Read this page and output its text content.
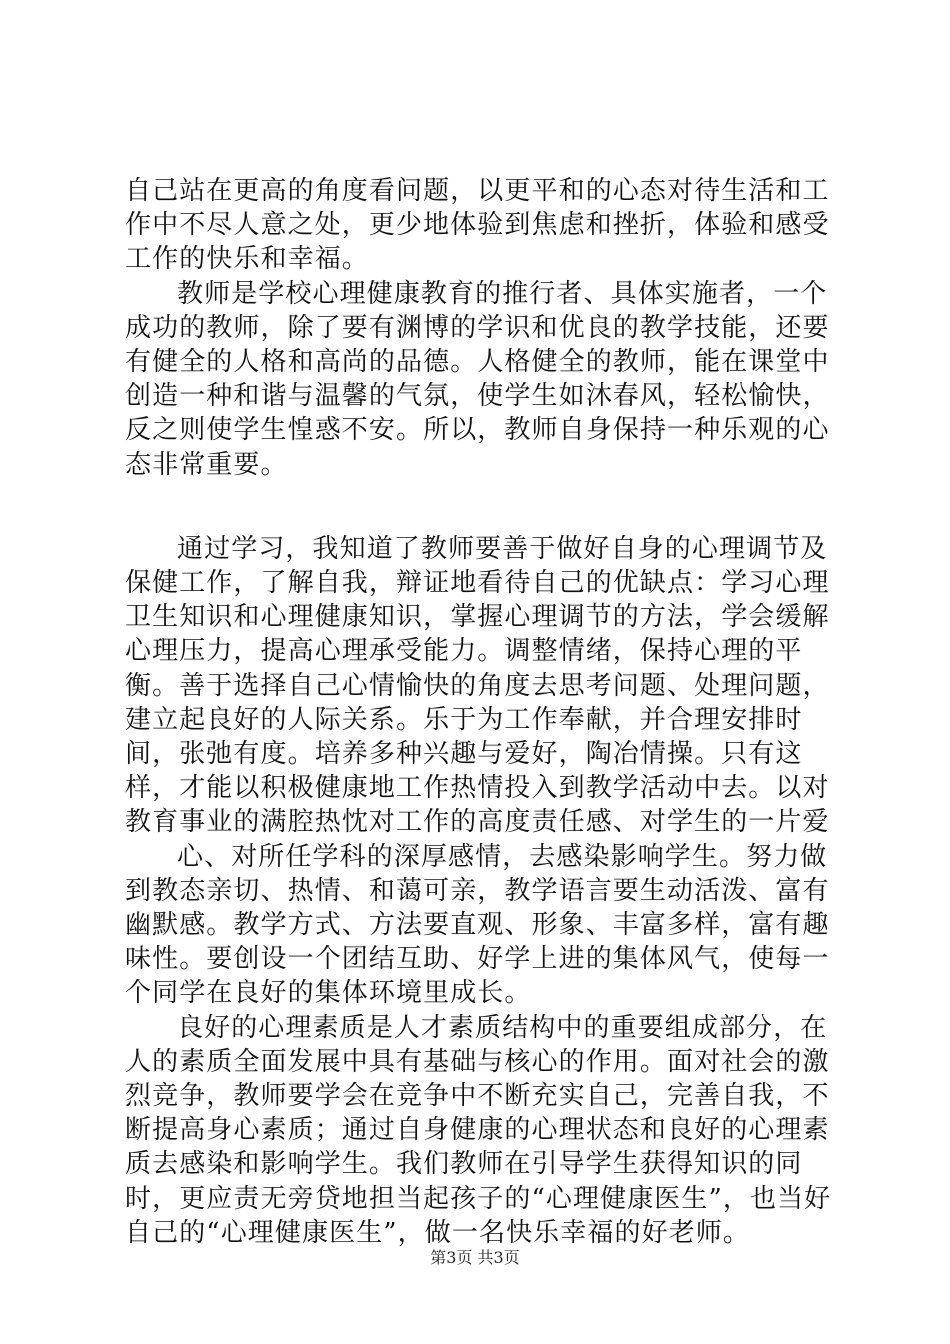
自己站在更高的角度看问题，以更平和的心态对待生活和工作中不尽人意之处，更少地体验到焦虑和挫折，体验和感受工作的快乐和幸福。

教师是学校心理健康教育的推行者、具体实施者，一个成功的教师，除了要有渊博的学识和优良的教学技能，还要有健全的人格和高尚的品德。人格健全的教师，能在课堂中创造一种和谐与温馨的气氛，使学生如沐春风，轻松愉快，反之则使学生惶惑不安。所以，教师自身保持一种乐观的心态非常重要。

通过学习，我知道了教师要善于做好自身的心理调节及保健工作，了解自我，辩证地看待自己的优缺点：学习心理卫生知识和心理健康知识，掌握心理调节的方法，学会缓解心理压力，提高心理承受能力。调整情绪，保持心理的平衡。善于选择自己心情愉快的角度去思考问题、处理问题，建立起良好的人际关系。乐于为工作奉献，并合理安排时间，张弛有度。培养多种兴趣与爱好，陶冶情操。只有这样，才能以积极健康地工作热情投入到教学活动中去。以对教育事业的满腔热忱对工作的高度责任感、对学生的一片爱

心、对所任学科的深厚感情，去感染影响学生。努力做到教态亲切、热情、和蔼可亲，教学语言要生动活泼、富有幽默感。教学方式、方法要直观、形象、丰富多样，富有趣味性。要创设一个团结互助、好学上进的集体风气，使每一个同学在良好的集体环境里成长。

良好的心理素质是人才素质结构中的重要组成部分，在人的素质全面发展中具有基础与核心的作用。面对社会的激烈竞争，教师要学会在竞争中不断充实自己，完善自我，不断提高身心素质；通过自身健康的心理状态和良好的心理素质去感染和影响学生。我们教师在引导学生获得知识的同时，更应责无旁贷地担当起孩子的“心理健康医生”，也当好自己的“心理健康医生”，做一名快乐幸福的好老师。

第3页 共3页
